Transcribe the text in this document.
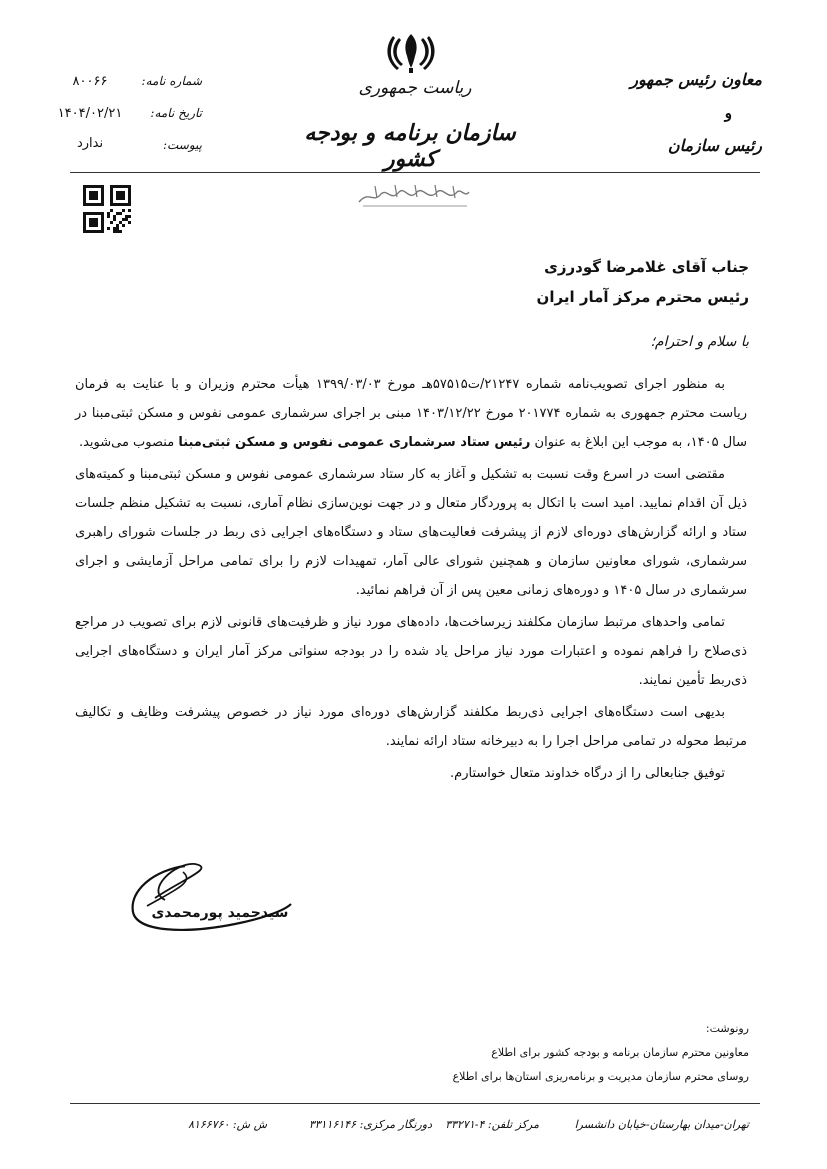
ریاست جمهوری
سازمان برنامه و بودجه کشور
معاون رئیس جمهور
و
رئیس سازمان
شماره نامه:
۸۰۰۶۶
تاریخ نامه:
۱۴۰۴/۰۲/۲۱
پیوست:
ندارد
جناب آقای غلامرضا گودرزی
رئیس محترم مرکز آمار ایران
با سلام و احترام؛

به منظور اجرای تصویب‌نامه شماره ۲۱۲۴۷/ت۵۷۵۱۵هـ مورخ ۱۳۹۹/۰۳/۰۳ هیأت محترم وزیران و با عنایت به فرمان ریاست محترم جمهوری به شماره ۲۰۱۷۷۴ مورخ ۱۴۰۳/۱۲/۲۲ مبنی بر اجرای سرشماری عمومی نفوس و مسکن ثبتی‌مبنا در سال ۱۴۰۵، به موجب این ابلاغ به عنوان رئیس ستاد سرشماری عمومی نفوس و مسکن ثبتی‌مبنا منصوب می‌شوید.

مقتضی است در اسرع وقت نسبت به تشکیل و آغاز به کار ستاد سرشماری عمومی نفوس و مسکن ثبتی‌مبنا و کمیته‌های ذیل آن اقدام نمایید. امید است با اتکال به پروردگار متعال و در جهت نوین‌سازی نظام آماری، نسبت به تشکیل منظم جلسات ستاد و ارائه گزارش‌های دوره‌ای لازم از پیشرفت فعالیت‌های ستاد و دستگاه‌های اجرایی ذی ربط در جلسات شورای راهبری سرشماری، شورای معاونین سازمان و همچنین شورای عالی آمار، تمهیدات لازم را برای تمامی مراحل آزمایشی و اجرای سرشماری در سال ۱۴۰۵ و دوره‌های زمانی معین پس از آن فراهم نمائید.

تمامی واحدهای مرتبط سازمان مکلفند زیرساخت‌ها، داده‌های مورد نیاز و ظرفیت‌های قانونی لازم برای تصویب در مراجع ذی‌صلاح را فراهم نموده و اعتبارات مورد نیاز مراحل یاد شده را در بودجه سنواتی مرکز آمار ایران و دستگاه‌های اجرایی ذی‌ربط تأمین نمایند.

بدیهی است دستگاه‌های اجرایی ذی‌ربط مکلفند گزارش‌های دوره‌ای مورد نیاز در خصوص پیشرفت وظایف و تکالیف مرتبط محوله در تمامی مراحل اجرا را به دبیرخانه ستاد ارائه نمایند.

توفیق جنابعالی را از درگاه خداوند متعال خواستارم.

سیدحمید پورمحمدی
رونوشت:
معاونین محترم سازمان برنامه و بودجه کشور برای اطلاع
روسای محترم سازمان مدیریت و برنامه‌ریزی استان‌ها برای اطلاع
تهران-میدان بهارستان-خیابان دانشسرا
مرکز تلفن: ۴-۳۳۲۷۱
دورنگار مرکزی: ۳۳۱۱۶۱۴۶
ش ش: ۸۱۶۶۷۶۰
